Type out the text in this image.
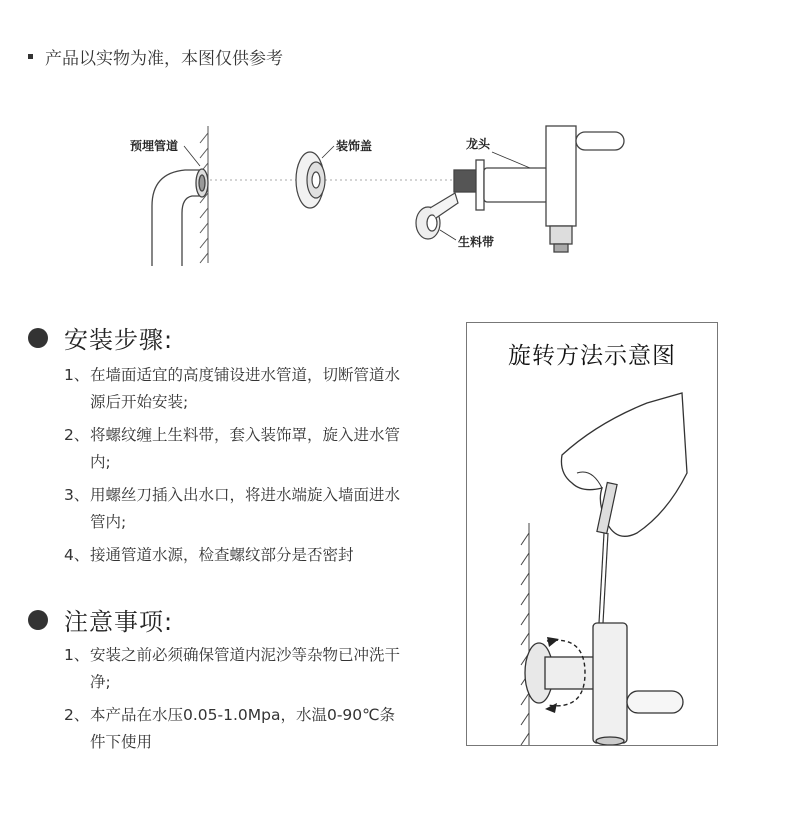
产品以实物为准，本图仅供参考
预埋管道	装饰盖
生料带
龙头
安装步骤:
1、 在墙面适宜的高度铺设进水管道，切断管道水源后开始安装;
2、 将螺纹缠上生料带，套入装饰罩，旋入进水管内;
3、 用螺丝刀插入出水口，将进水端旋入墙面进水管内;
4、 接通管道水源，检查螺纹部分是否密封
注意事项:
1、 安装之前必须确保管道内泥沙等杂物已冲洗干净;
2、 本产品在水压0.05-1.0Mpa，水温0-90℃条件下使用
旋转方法示意图
